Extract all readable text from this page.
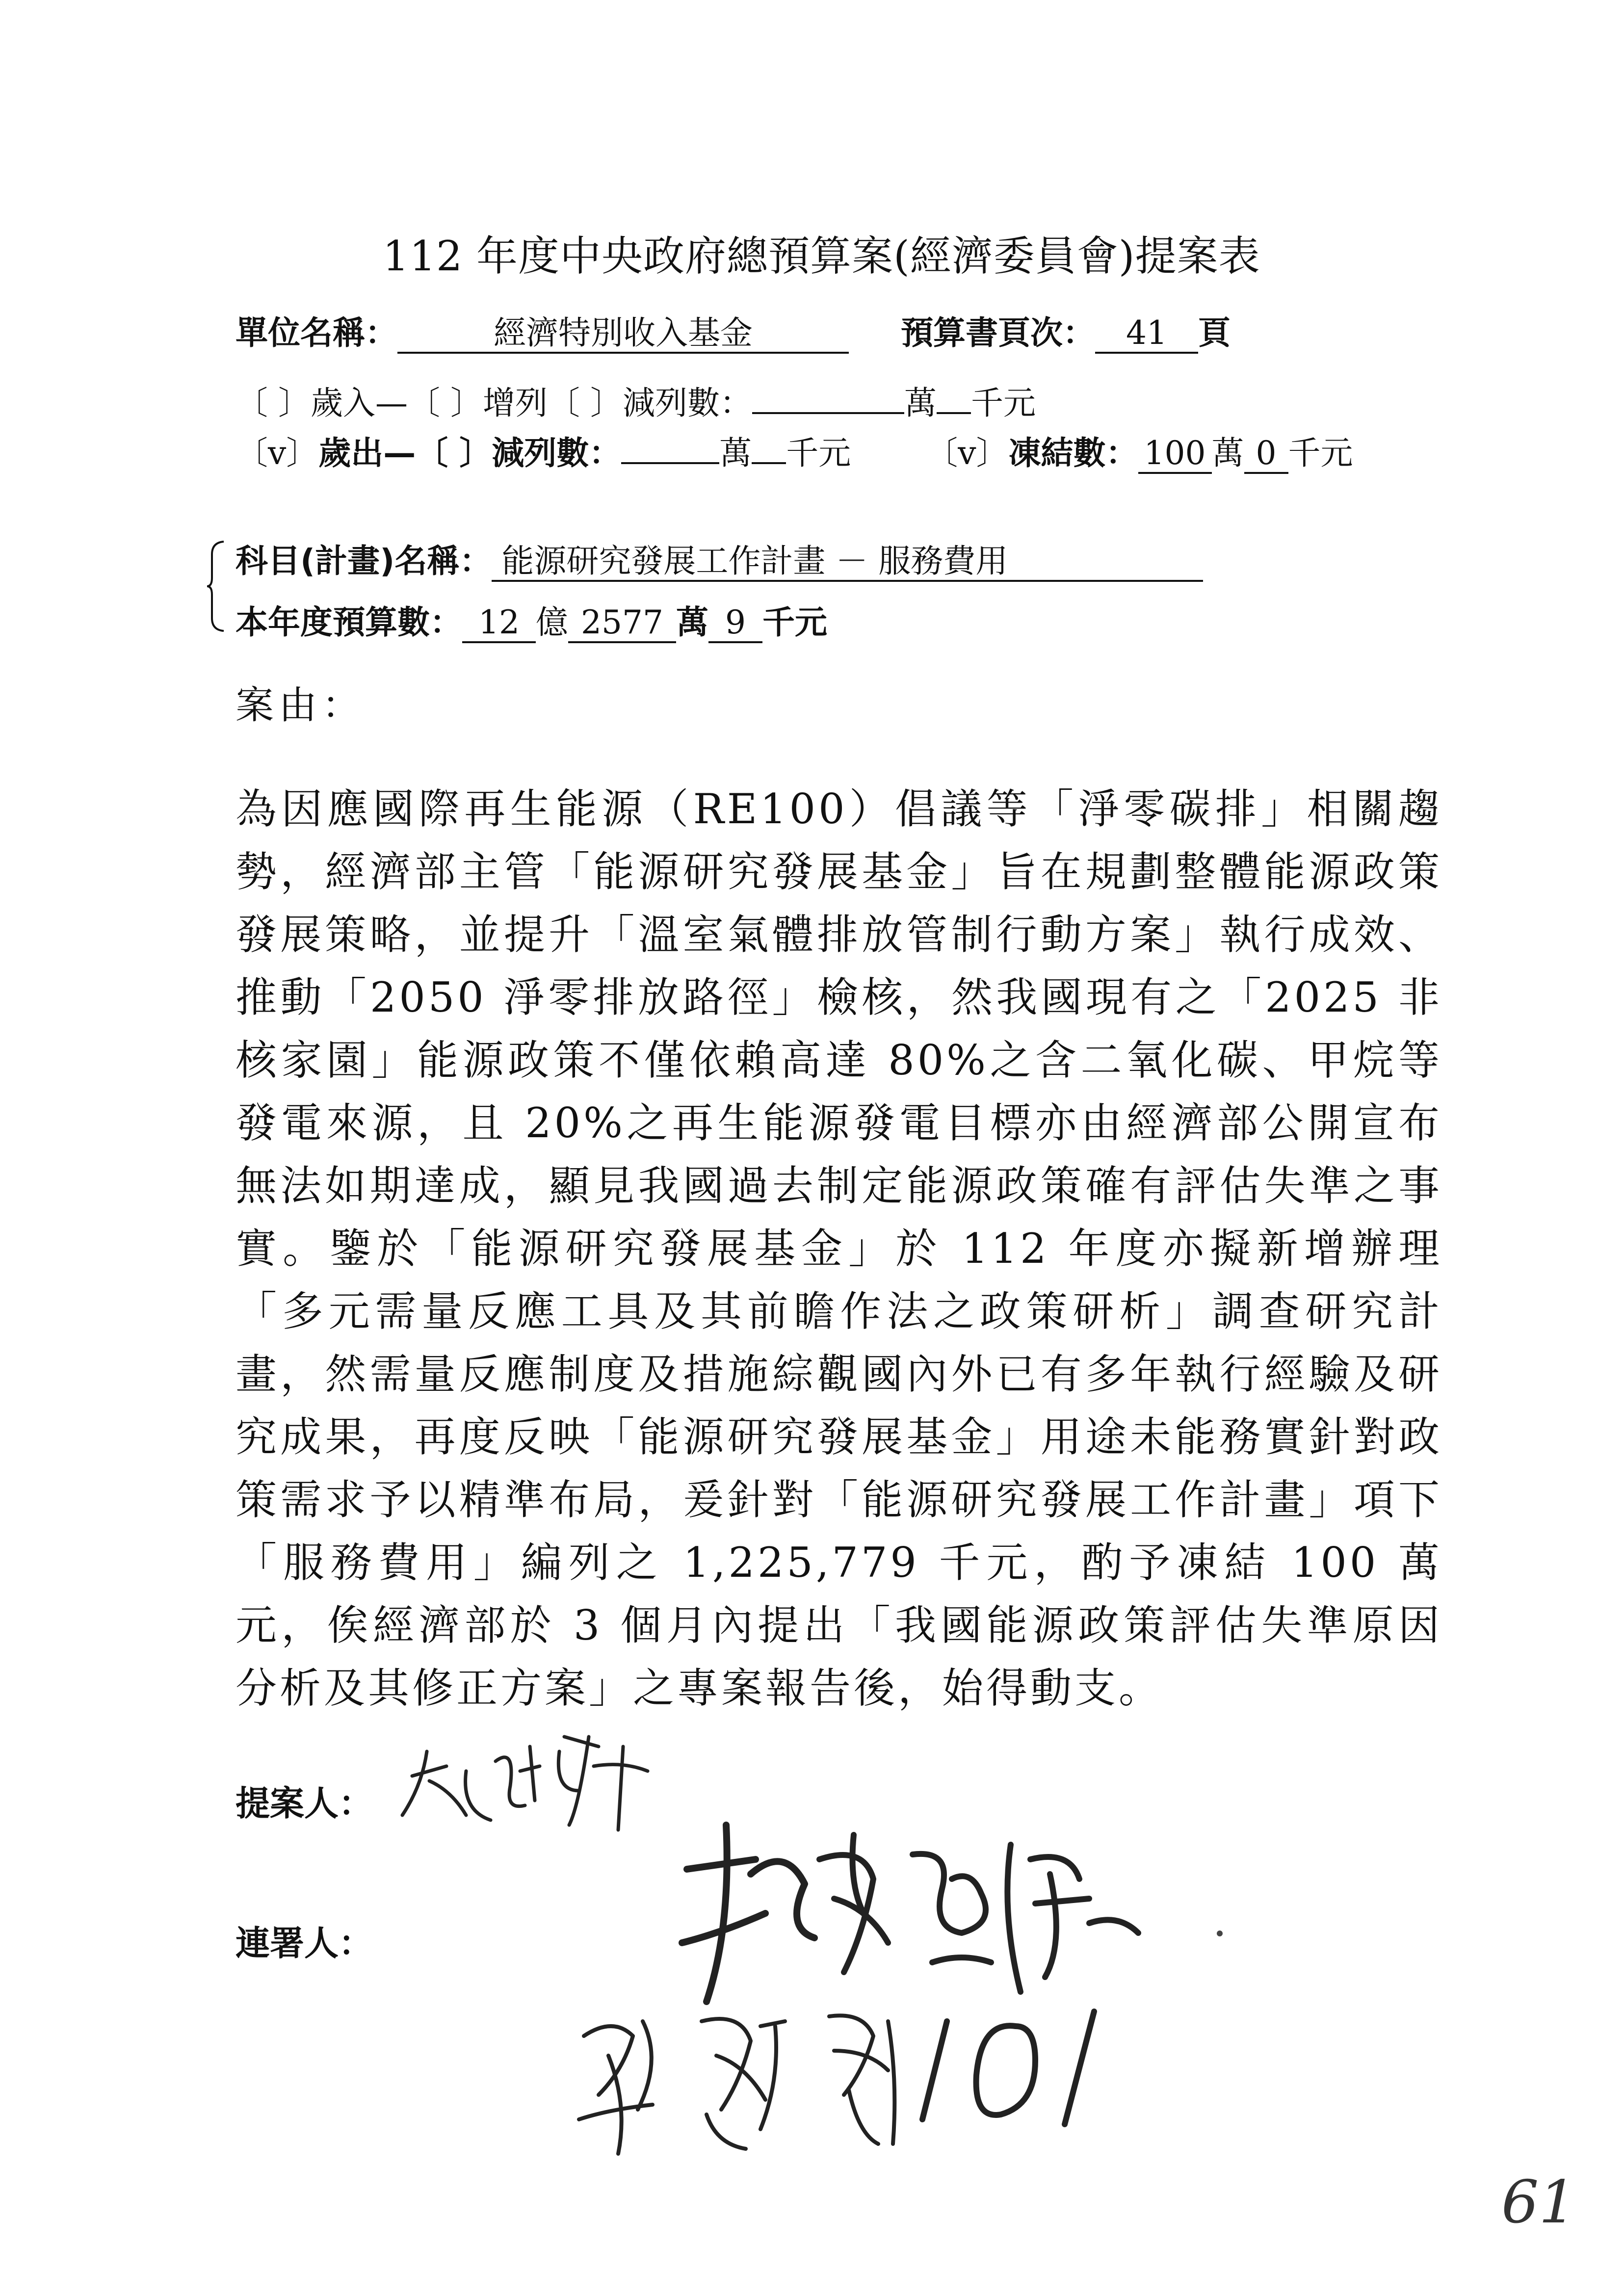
112 年度中央政府總預算案(經濟委員會)提案表
單位名稱：	經濟特別收入基金	預算書頁次： 41 頁
〔 〕歲入—〔 〕增列〔 〕減列數：	萬 千元
〔v〕歲出—〔 〕減列數：	萬 千元 〔v〕凍結數： 100 萬 0 千元
科目(計畫)名稱： 能源研究發展工作計畫 － 服務費用
本年度預算數： 12 億 2577 萬 9 千元
案由：
為因應國際再生能源（RE100）倡議等「淨零碳排」相關趨勢，經濟部主管「能源研究發展基金」旨在規劃整體能源政策發展策略，並提升「溫室氣體排放管制行動方案」執行成效、推動「2050 淨零排放路徑」檢核，然我國現有之「2025 非核家園」能源政策不僅依賴高達 80%之含二氧化碳、甲烷等發電來源，且 20%之再生能源發電目標亦由經濟部公開宣布無法如期達成，顯見我國過去制定能源政策確有評估失準之事實。鑒於「能源研究發展基金」於 112 年度亦擬新增辦理「多元需量反應工具及其前瞻作法之政策研析」調查研究計畫，然需量反應制度及措施綜觀國內外已有多年執行經驗及研究成果，再度反映「能源研究發展基金」用途未能務實針對政策需求予以精準布局，爰針對「能源研究發展工作計畫」項下「服務費用」編列之 1,225,779 千元，酌予凍結 100 萬元，俟經濟部於 3 個月內提出「我國能源政策評估失準原因分析及其修正方案」之專案報告後，始得動支。
提案人：
連署人：
61
